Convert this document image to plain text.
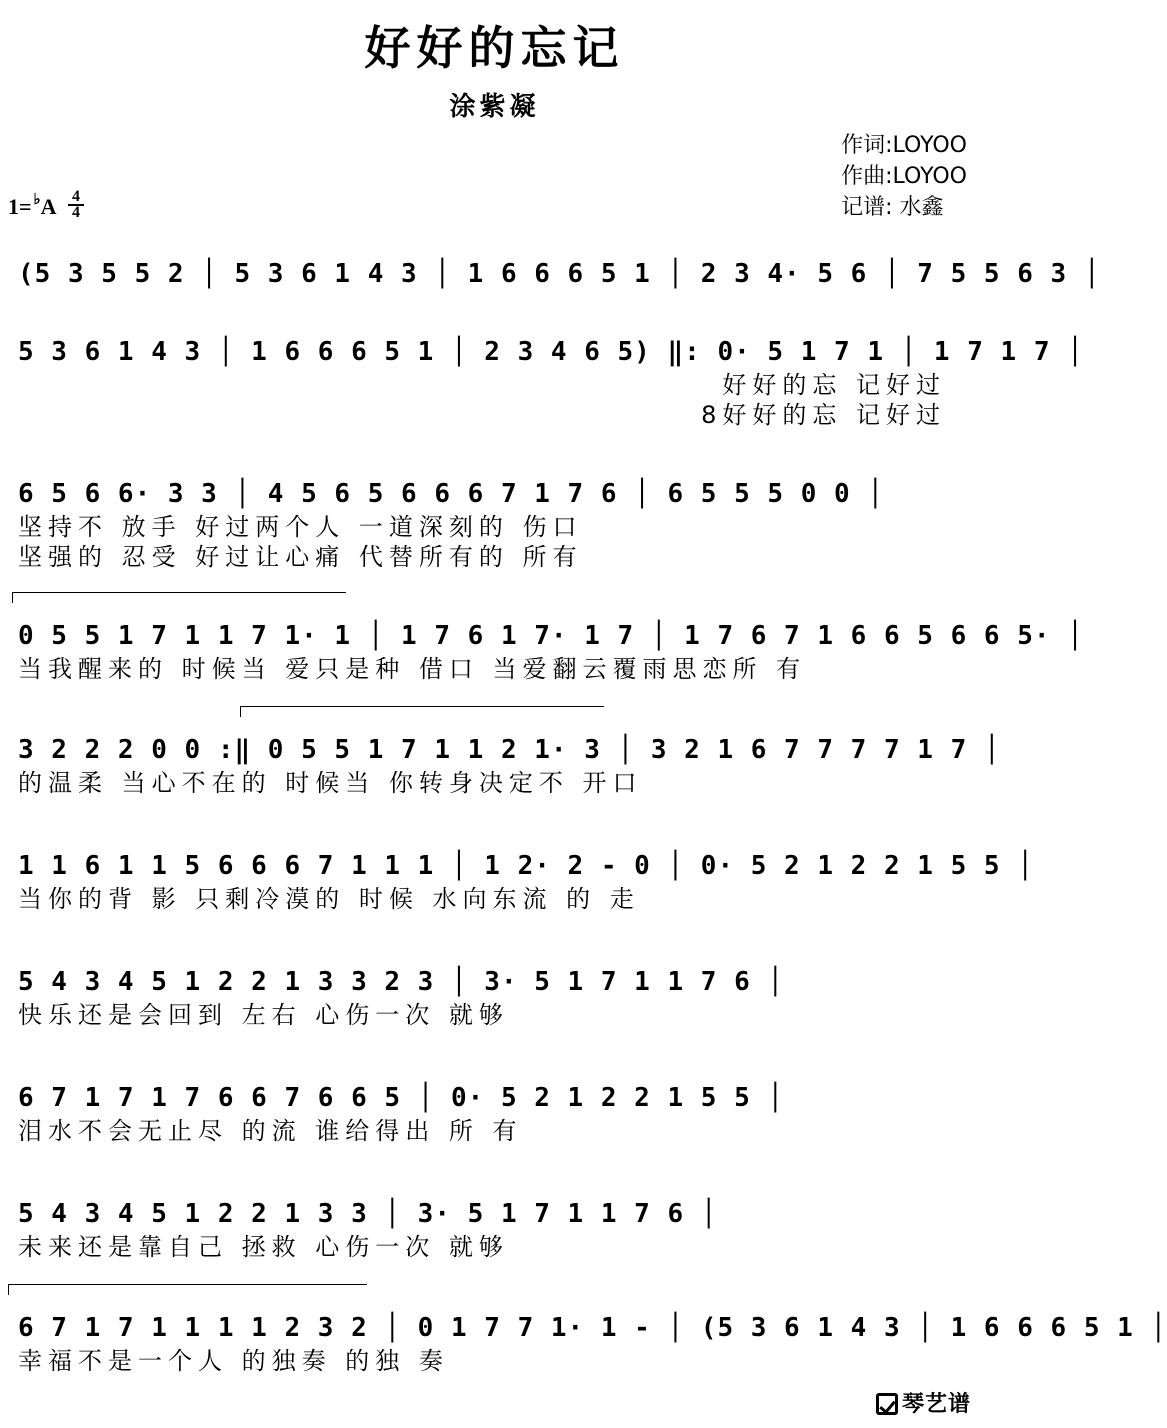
好好的忘记
涂紫凝
作词:LOYOO
作曲:LOYOO
记谱: 水鑫
1= ♭A 4
4
(5 3 5 5 2 │ 5 3 6 1 4 3 │ 1 6 6 6 5 1 │ 2 3 4· 5 6 │ 7 5 5 6 3 │
5 3 6 1 4 3 │ 1 6 6 6 5 1 │ 2 3 4 6 5) ‖: 0· 5 1 7 1 │ 1 7 1 7 │
好好的忘 记好过
8好好的忘 记好过
6 5 6 6· 3 3 │ 4 5 6 5 6 6 6 7 1 7 6 │ 6 5 5 5 0 0 │
坚持不 放手 好过两个人 一道深刻的 伤口
坚强的 忍受 好过让心痛 代替所有的 所有
0 5 5 1 7 1 1 7 1· 1 │ 1 7 6 1 7· 1 7 │ 1 7 6 7 1 6 6 5 6 6 5· │
当我醒来的 时候当 爱只是种 借口 当爱翻云覆雨思恋所 有
3 2 2 2 0 0 :‖ 0 5 5 1 7 1 1 2 1· 3 │ 3 2 1 6 7 7 7 7 1 7 │
的温柔 当心不在的 时候当 你转身决定不 开口
1 1 6 1 1 5 6 6 6 7 1 1 1 │ 1 2· 2 - 0 │ 0· 5 2 1 2 2 1 5 5 │
当你的背 影 只剩冷漠的 时候 水向东流 的 走
5 4 3 4 5 1 2 2 1 3 3 2 3 │ 3· 5 1 7 1 1 7 6 │
快乐还是会回到 左右 心伤一次 就够
6 7 1 7 1 7 6 6 7 6 6 5 │ 0· 5 2 1 2 2 1 5 5 │
泪水不会无止尽 的流 谁给得出 所 有
5 4 3 4 5 1 2 2 1 3 3 │ 3· 5 1 7 1 1 7 6 │
未来还是靠自己 拯救 心伤一次 就够
6 7 1 7 1 1 1 1 2 3 2 │ 0 1 7 7 1· 1 - │ (5 3 6 1 4 3 │ 1 6 6 6 5 1 │
幸福不是一个人 的独奏 的独 奏
琴艺谱
